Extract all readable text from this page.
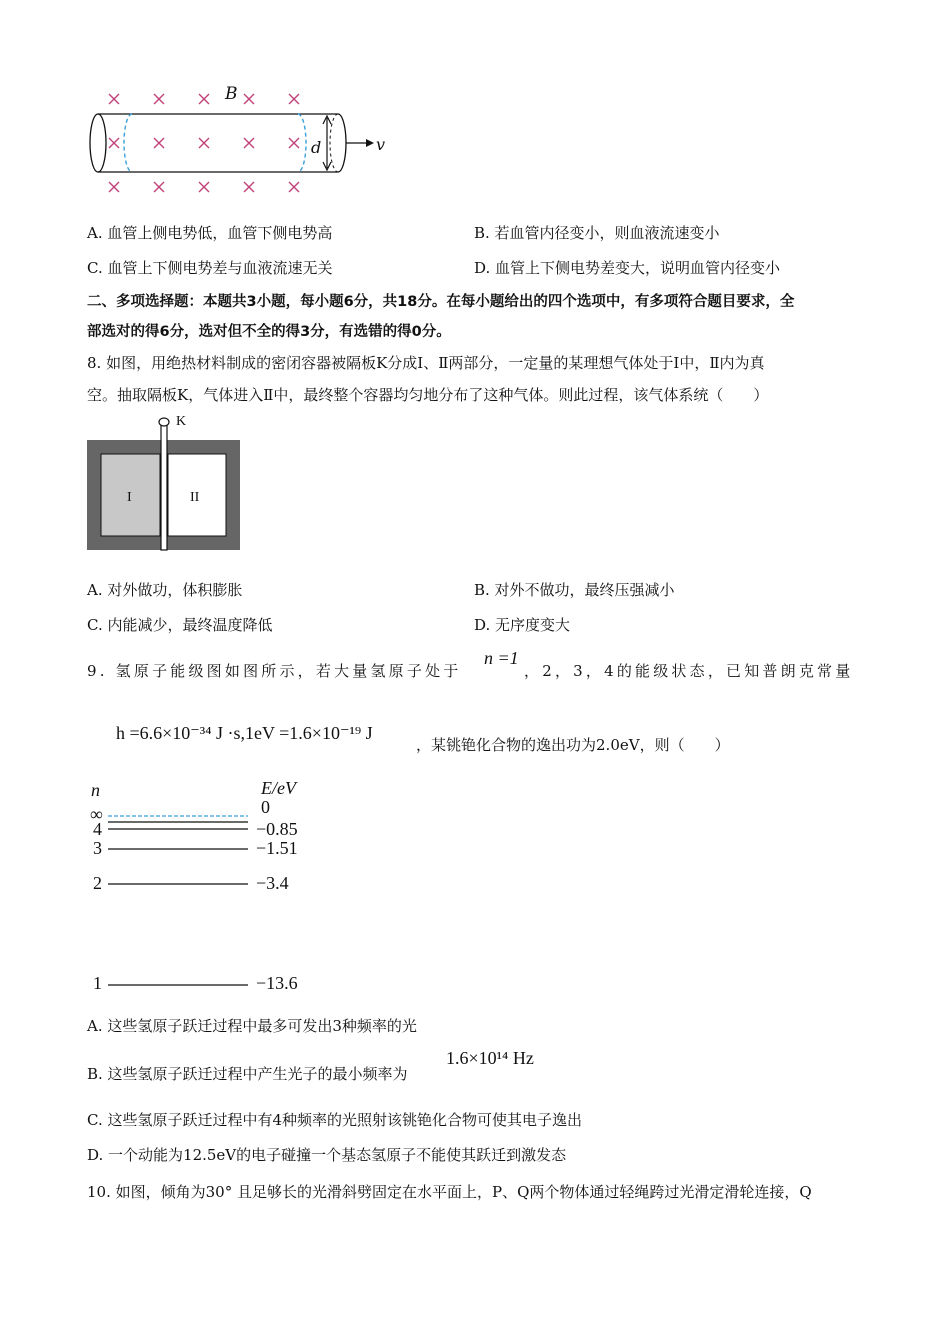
B
d	v
A. 血管上侧电势低，血管下侧电势高	B. 若血管内径变小，则血液流速变小
C. 血管上下侧电势差与血液流速无关	D. 血管上下侧电势差变大，说明血管内径变小
二、多项选择题：本题共3小题，每小题6分，共18分。在每小题给出的四个选项中，有多项符合题目要求，全
部选对的得6分，选对但不全的得3分，有选错的得0分。
8. 如图，用绝热材料制成的密闭容器被隔板K分成Ⅰ、Ⅱ两部分，一定量的某理想气体处于Ⅰ中，Ⅱ内为真
空。抽取隔板K，气体进入Ⅱ中，最终整个容器均匀地分布了这种气体。则此过程，该气体系统（　　）
K
I	II
A. 对外做功，体积膨胀	B. 对外不做功，最终压强减小
C. 内能减少，最终温度降低	D. 无序度变大
9. 氢原子能级图如图所示，若大量氢原子处于
n =1
，2，3，4的能级状态，已知普朗克常量
h =6.6×10⁻³⁴ J ·s,1eV =1.6×10⁻¹⁹ J
，某铫铯化合物的逸出功为2.0eV，则（　　）
n	E/eV
∞
4
3
2
1
0
−0.85
−1.51
−3.4
−13.6
A. 这些氢原子跃迁过程中最多可发出3种频率的光
B. 这些氢原子跃迁过程中产生光子的最小频率为
1.6×10¹⁴ Hz
C. 这些氢原子跃迁过程中有4种频率的光照射该铫铯化合物可使其电子逸出
D. 一个动能为12.5eV的电子碰撞一个基态氢原子不能使其跃迁到激发态
10. 如图，倾角为30° 且足够长的光滑斜劈固定在水平面上，P、Q两个物体通过轻绳跨过光滑定滑轮连接，Q
